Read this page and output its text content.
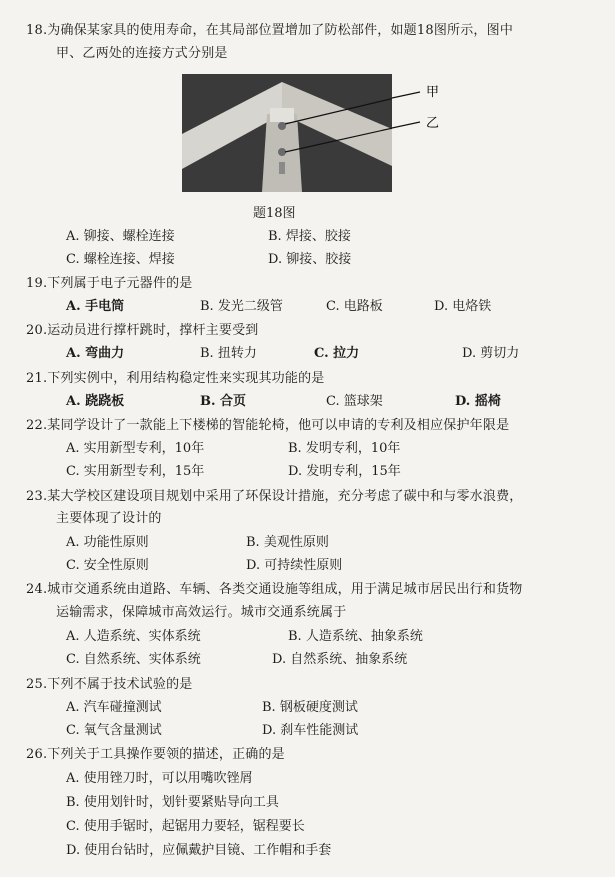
18.为确保某家具的使用寿命，在其局部位置增加了防松部件，如题18图所示，图中
甲、乙两处的连接方式分别是
甲
乙
题18图
A. 铆接、螺栓连接	B. 焊接、胶接
C. 螺栓连接、焊接	D. 铆接、胶接
19.下列属于电子元器件的是
A. 手电筒	B. 发光二级管	C. 电路板	D. 电烙铁
20.运动员进行撑杆跳时，撑杆主要受到
A. 弯曲力	B. 扭转力	C. 拉力	D. 剪切力
21.下列实例中，利用结构稳定性来实现其功能的是
A. 跷跷板	B. 合页	C. 篮球架	D. 摇椅
22.某同学设计了一款能上下楼梯的智能轮椅，他可以申请的专利及相应保护年限是
A. 实用新型专利，10年	B. 发明专利，10年
C. 实用新型专利，15年	D. 发明专利，15年
23.某大学校区建设项目规划中采用了环保设计措施，充分考虑了碳中和与零水浪费，
主要体现了设计的
A. 功能性原则	B. 美观性原则
C. 安全性原则	D. 可持续性原则
24.城市交通系统由道路、车辆、各类交通设施等组成，用于满足城市居民出行和货物
运输需求，保障城市高效运行。城市交通系统属于
A. 人造系统、实体系统	B. 人造系统、抽象系统
C. 自然系统、实体系统	D. 自然系统、抽象系统
25.下列不属于技术试验的是
A. 汽车碰撞测试	B. 钢板硬度测试
C. 氧气含量测试	D. 刹车性能测试
26.下列关于工具操作要领的描述，正确的是
A. 使用锉刀时，可以用嘴吹锉屑
B. 使用划针时，划针要紧贴导向工具
C. 使用手锯时，起锯用力要轻，锯程要长
D. 使用台钻时，应佩戴护目镜、工作帽和手套
